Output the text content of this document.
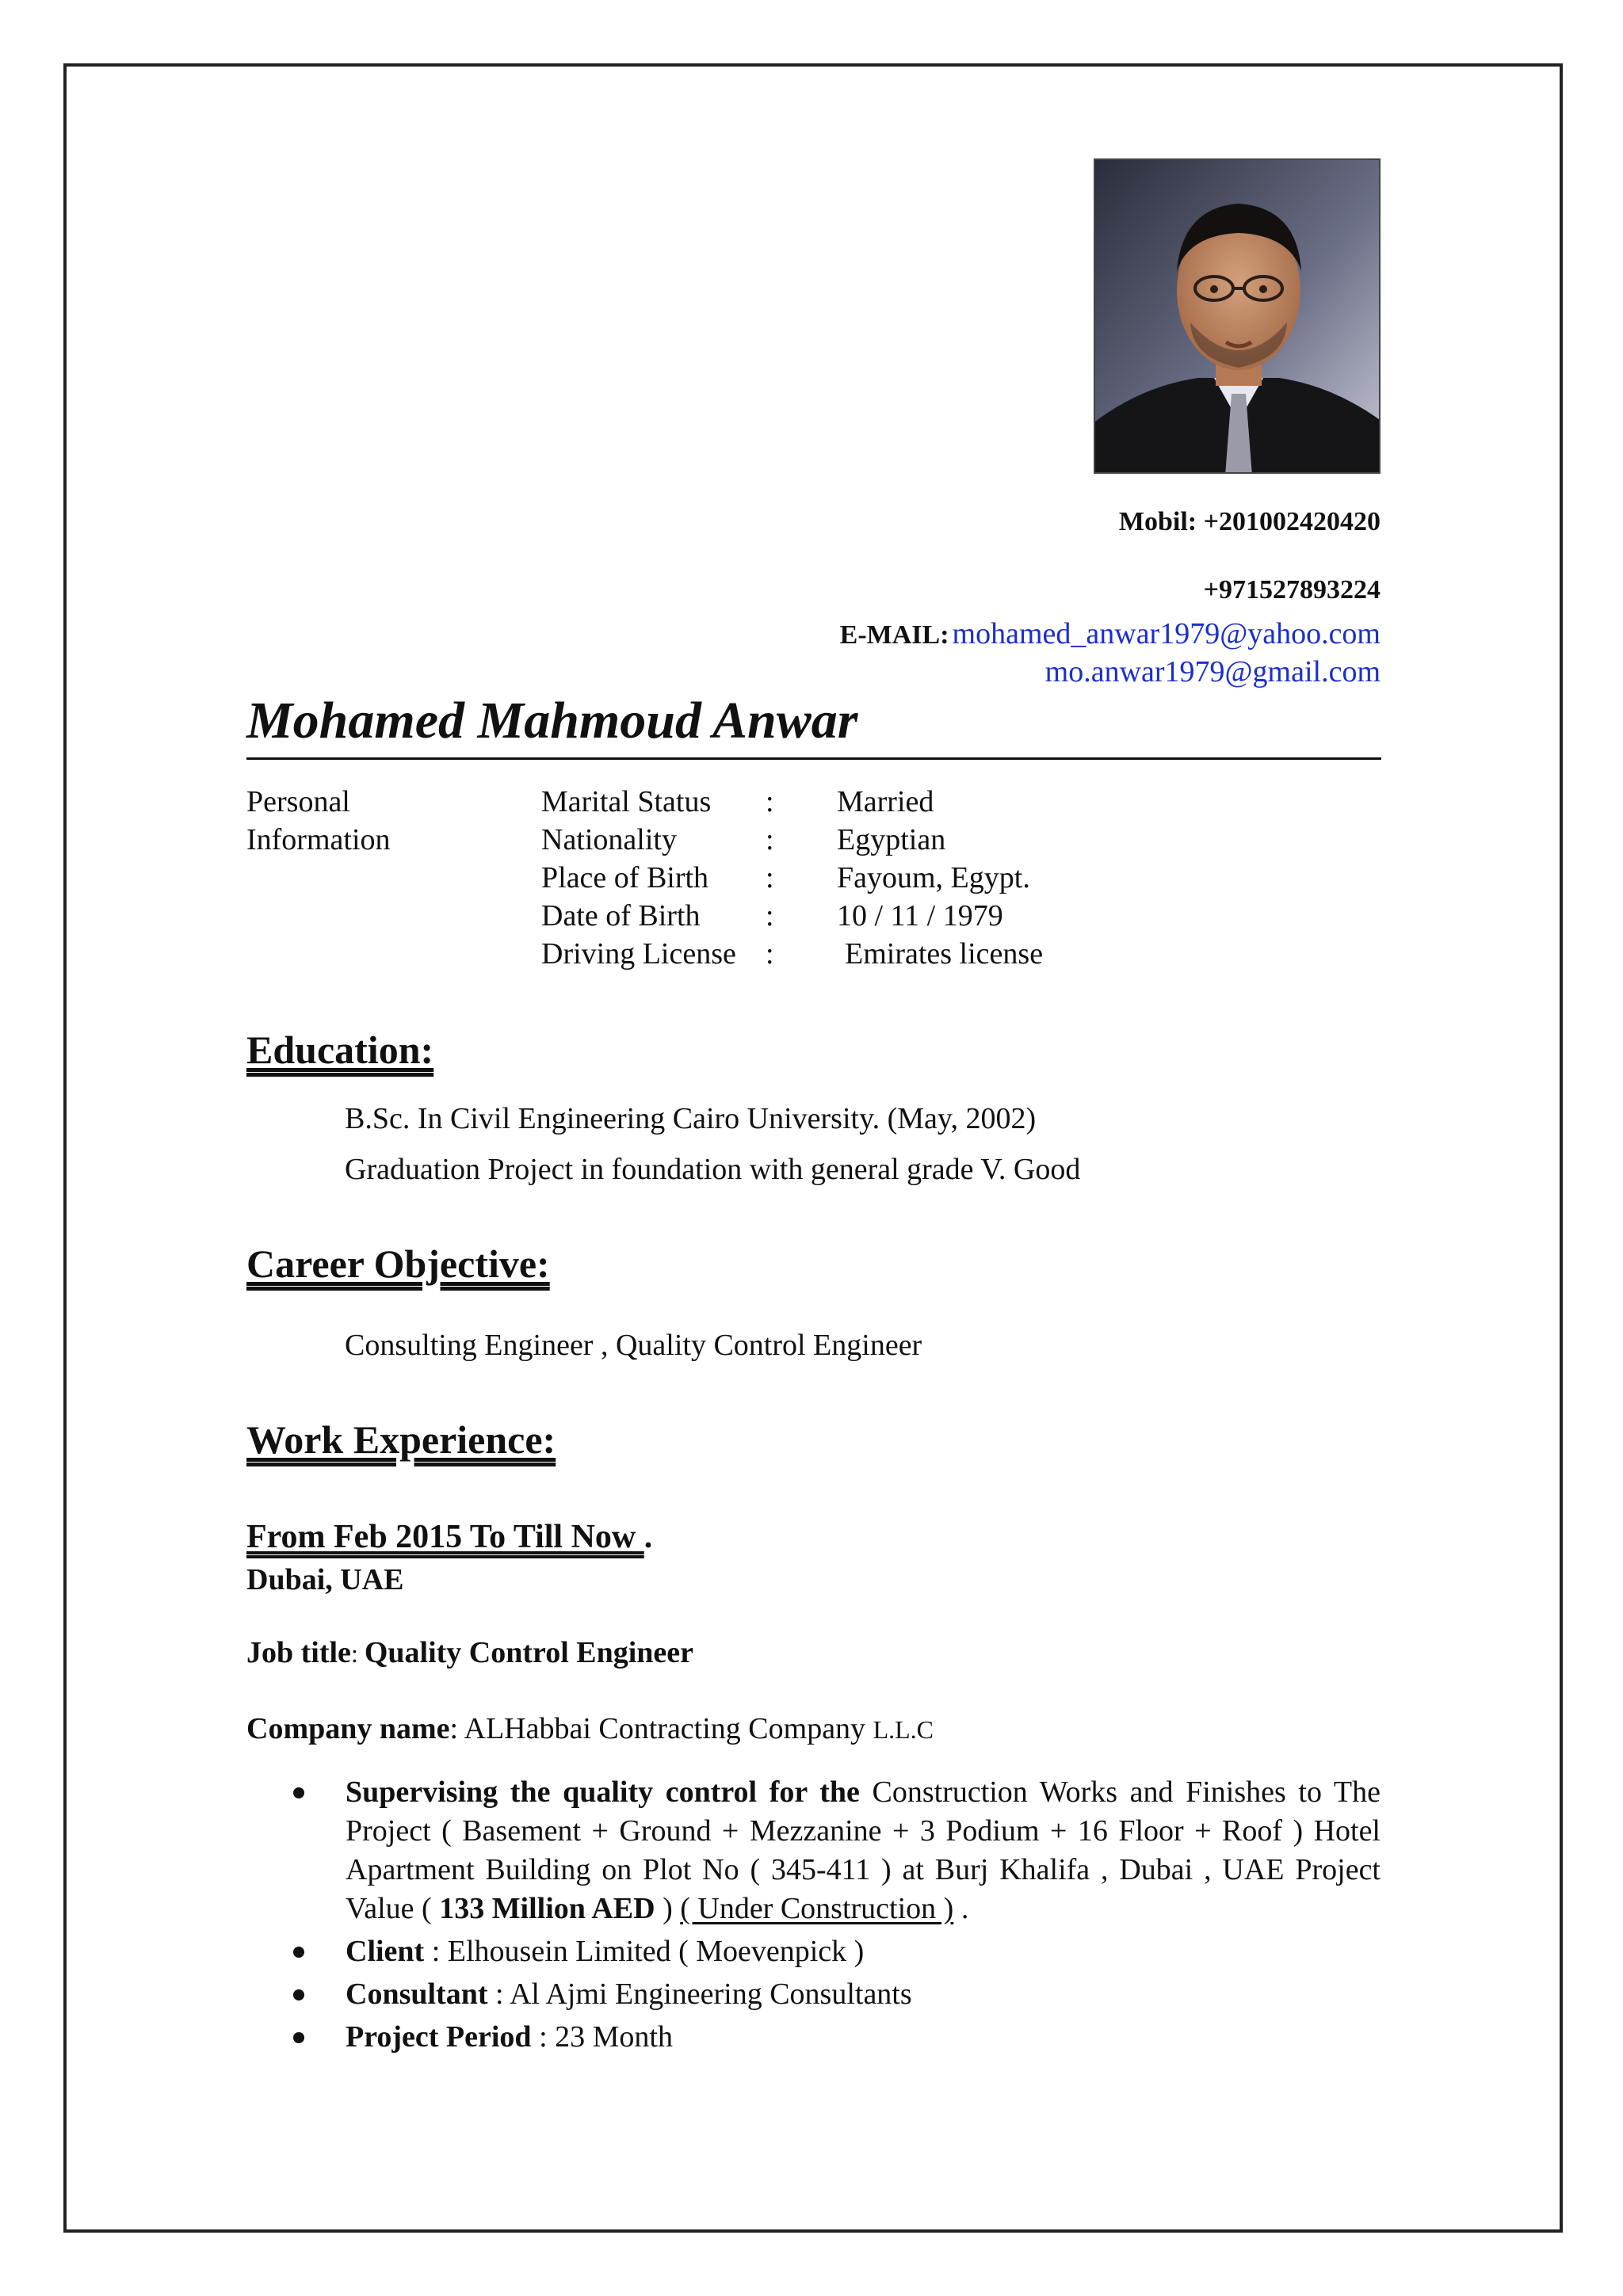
Mobil: +201002420420
+971527893224
E-MAIL: mohamed_anwar1979@yahoo.com
mo.anwar1979@gmail.com
Mohamed Mahmoud Anwar
Personal
Information
Marital Status : Married
Nationality	: Egyptian
Place of Birth : Fayoum, Egypt.
Date of Birth : 10 / 11 / 1979
Driving License : Emirates license
Education:
B.Sc. In Civil Engineering Cairo University. (May, 2002)
Graduation Project in foundation with general grade V. Good
Career Objective:
Consulting Engineer , Quality Control Engineer
Work Experience:
From Feb 2015 To Till Now .
Dubai, UAE
Job title: Quality Control Engineer
Company name: ALHabbai Contracting Company L.L.C
Supervising the quality control for the Construction Works and Finishes to The Project ( Basement + Ground + Mezzanine + 3 Podium + 16 Floor + Roof ) Hotel Apartment Building on Plot No ( 345-411 ) at Burj Khalifa , Dubai , UAE Project Value ( 133 Million AED ) ( Under Construction ) .
Client : Elhousein Limited ( Moevenpick )
Consultant : Al Ajmi Engineering Consultants
Project Period : 23 Month
